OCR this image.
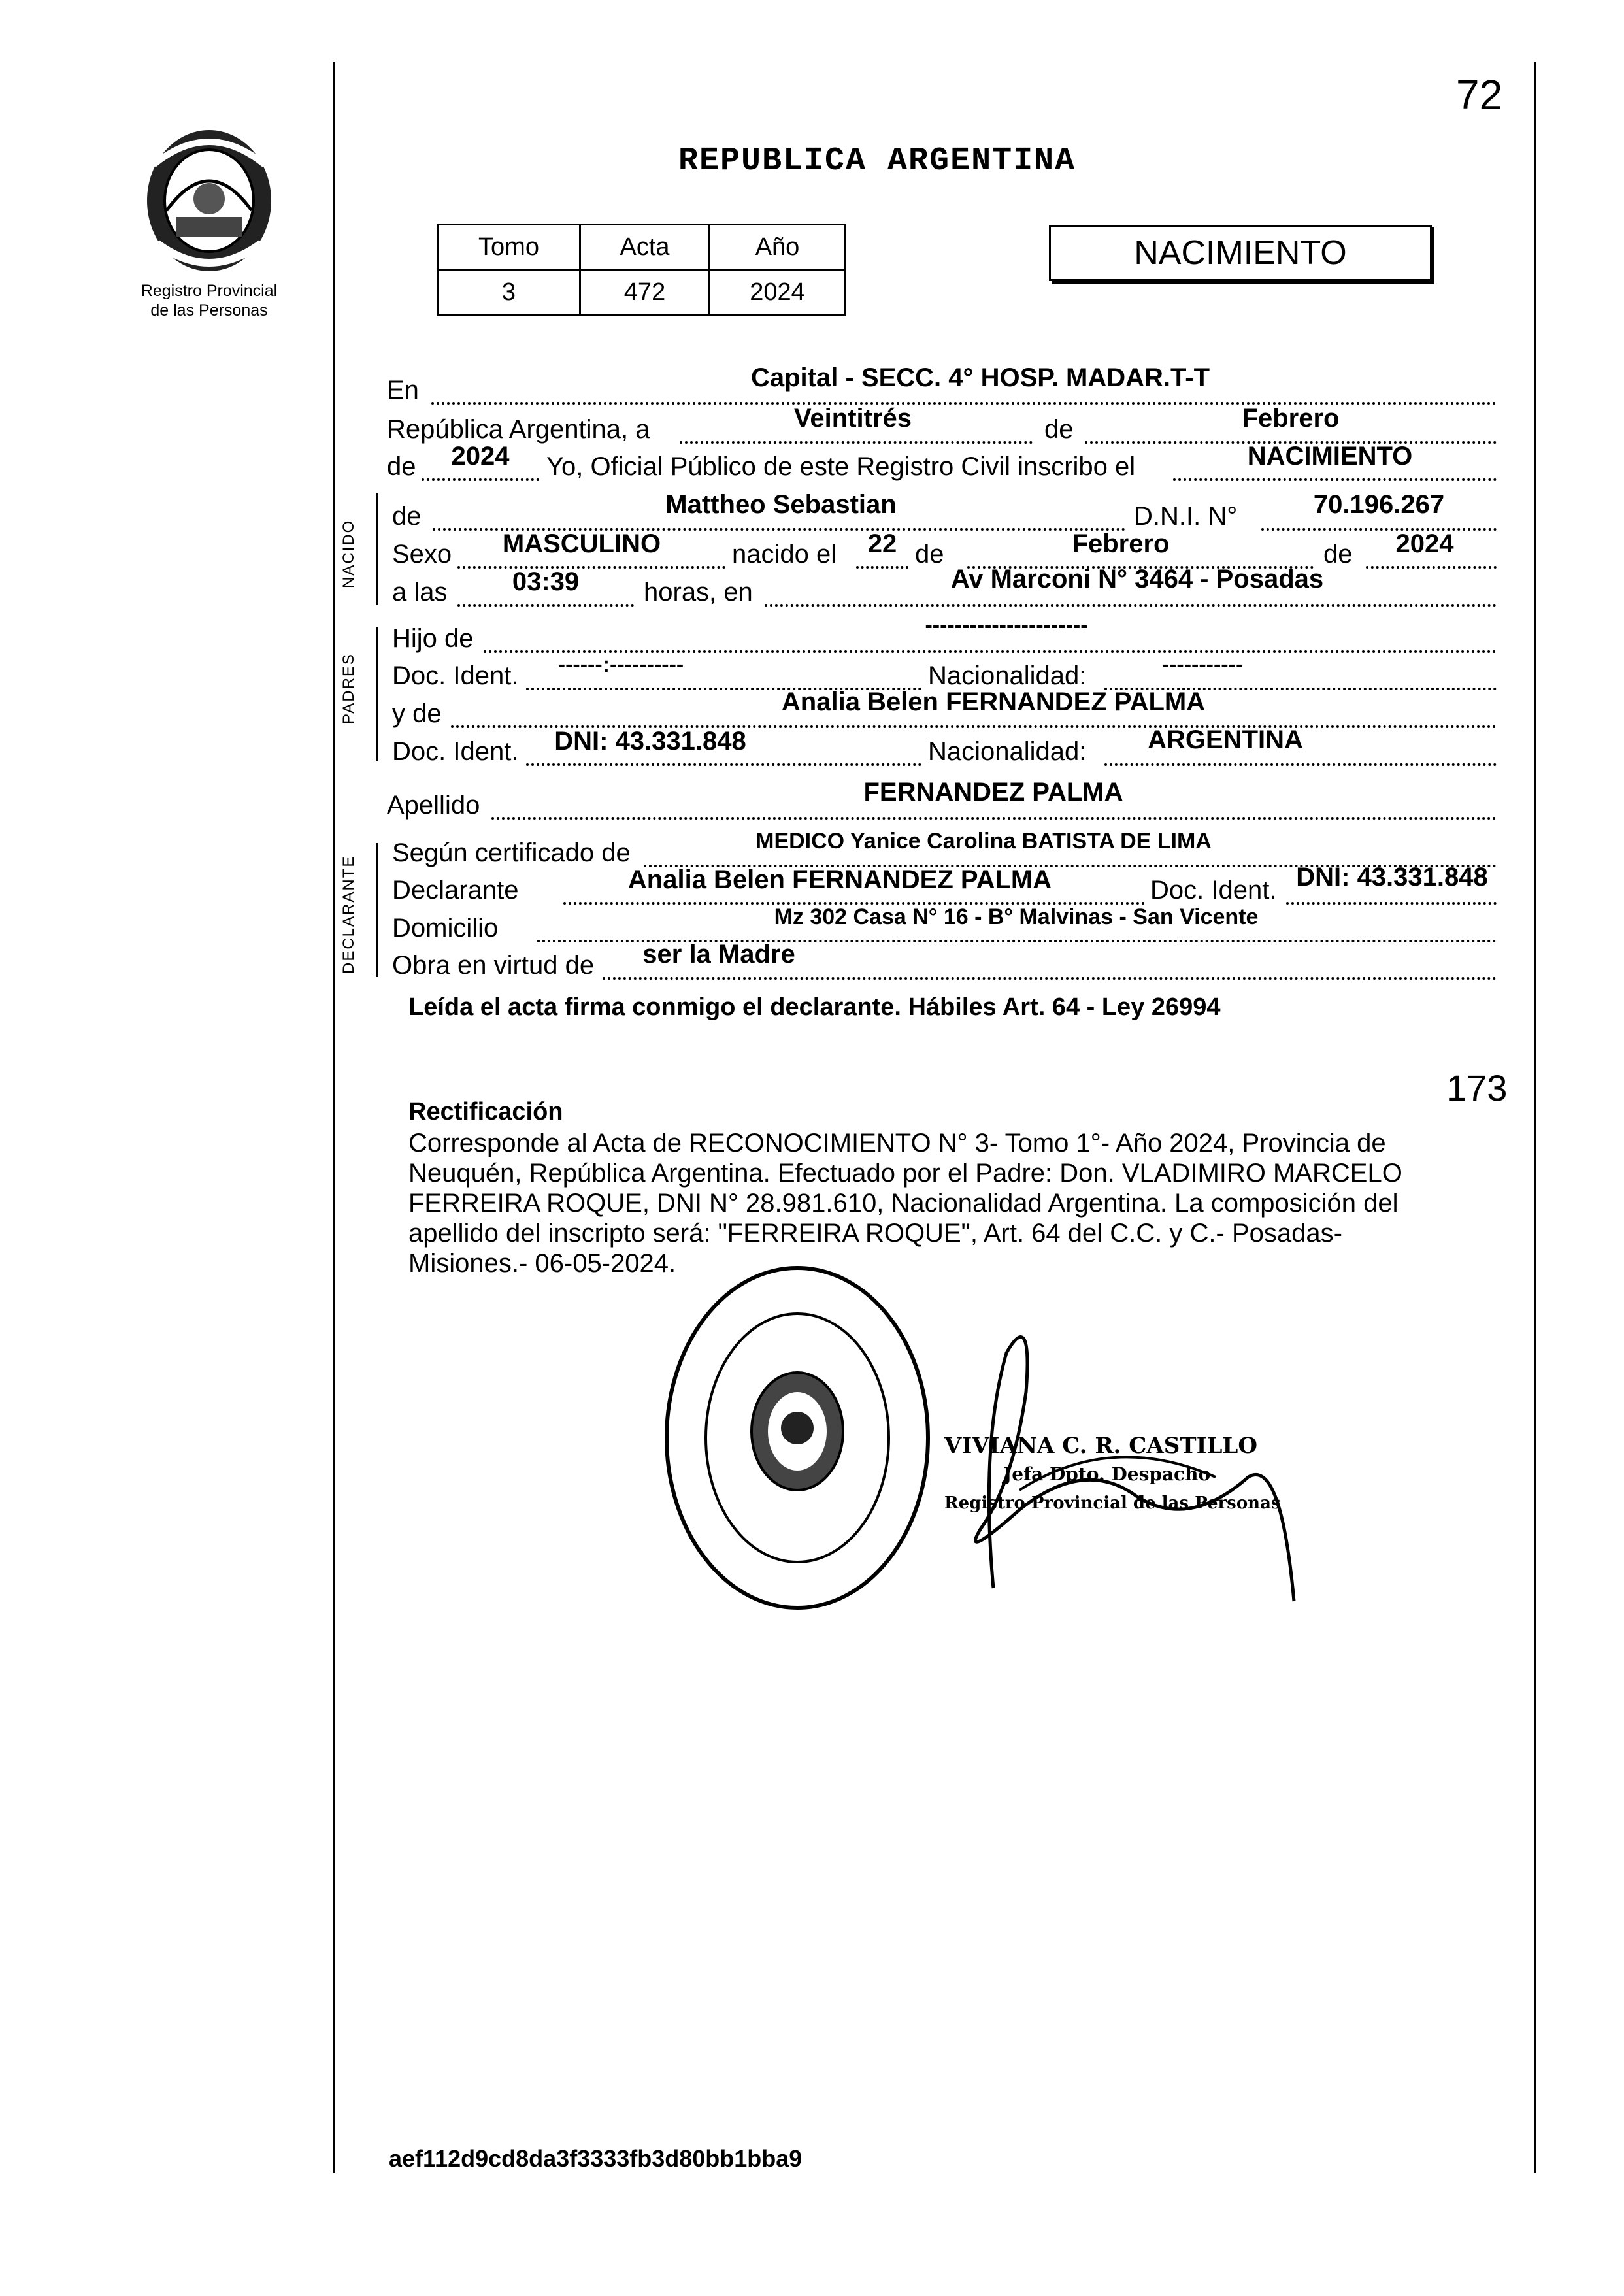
72
Registro Provincial
de las Personas
REPUBLICA ARGENTINA
Tomo	Acta	Año
3	472	2024
NACIMIENTO
En	Capital - SECC. 4° HOSP. MADAR.T-T
República Argentina, a	Veintitrés	de	Febrero
de 2024 Yo, Oficial Público de este Registro Civil inscribo el	NACIMIENTO
NACIDO
de	Mattheo Sebastian	D.N.I. N°	70.196.267
Sexo MASCULINO	nacido el 22 de	Febrero	de 2024
a las 03:39 horas, en	Av Marconi N° 3464 - Posadas
PADRES
Hijo de	----------------------
Doc. Ident. ------:----------	Nacionalidad:	-----------
y de	Analia Belen FERNANDEZ PALMA
Doc. Ident. DNI: 43.331.848	Nacionalidad: ARGENTINA
Apellido	FERNANDEZ PALMA
DECLARANTE
Según certificado de	MEDICO Yanice Carolina BATISTA DE LIMA
Declarante	Analia Belen FERNANDEZ PALMA	Doc. Ident. DNI: 43.331.848
Domicilio	Mz 302 Casa N° 16 - B° Malvinas - San Vicente
Obra en virtud de ser la Madre
Leída el acta firma conmigo el declarante. Hábiles Art. 64 - Ley 26994
173
Rectificación
Corresponde al Acta de RECONOCIMIENTO N° 3- Tomo 1°- Año 2024, Provincia de
Neuquén, República Argentina. Efectuado por el Padre: Don. VLADIMIRO MARCELO
FERREIRA ROQUE, DNI N° 28.981.610, Nacionalidad Argentina. La composición del
apellido del inscripto será: "FERREIRA ROQUE", Art. 64 del C.C. y C.- Posadas-
Misiones.- 06-05-2024.
VIVIANA C. R. CASTILLO
Jefa Dpto. Despacho
Registro Provincial de las Personas
aef112d9cd8da3f3333fb3d80bb1bba9
